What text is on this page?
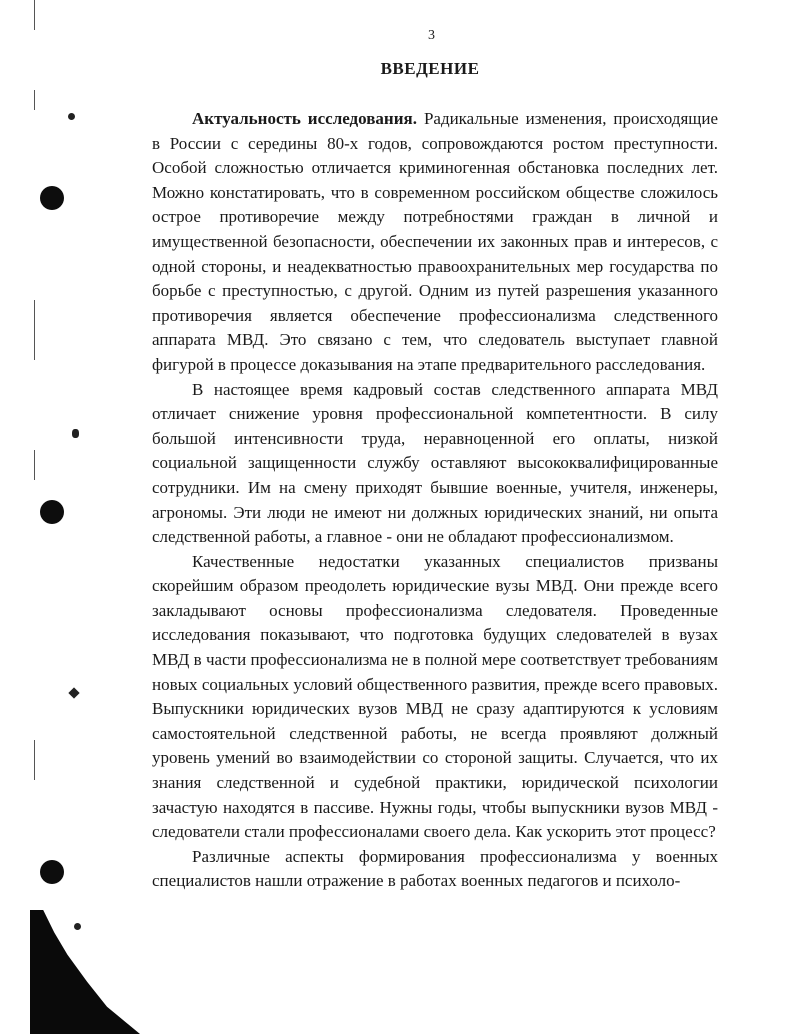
3
ВВЕДЕНИЕ

Актуальность исследования. Радикальные изменения, происходящие в России с середины 80-х годов, сопровождаются ростом преступности. Особой сложностью отличается криминогенная обстановка последних лет. Можно констатировать, что в современном российском обществе сложилось острое противоречие между потребностями граждан в личной и имущественной безопасности, обеспечении их законных прав и интересов, с одной стороны, и неадекватностью правоохранительных мер государства по борьбе с преступностью, с другой. Одним из путей разрешения указанного противоречия является обеспечение профессионализма следственного аппарата МВД. Это связано с тем, что следователь выступает главной фигурой в процессе доказывания на этапе предварительного расследования.

В настоящее время кадровый состав следственного аппарата МВД отличает снижение уровня профессиональной компетентности. В силу большой интенсивности труда, неравноценной его оплаты, низкой социальной защищенности службу оставляют высококвалифицированные сотрудники. Им на смену приходят бывшие военные, учителя, инженеры, агрономы. Эти люди не имеют ни должных юридических знаний, ни опыта следственной работы, а главное - они не обладают профессионализмом.

Качественные недостатки указанных специалистов призваны скорейшим образом преодолеть юридические вузы МВД. Они прежде всего закладывают основы профессионализма следователя. Проведенные исследования показывают, что подготовка будущих следователей в вузах МВД в части профессионализма не в полной мере соответствует требованиям новых социальных условий общественного развития, прежде всего правовых. Выпускники юридических вузов МВД не сразу адаптируются к условиям самостоятельной следственной работы, не всегда проявляют должный уровень умений во взаимодействии со стороной защиты. Случается, что их знания следственной и судебной практики, юридической психологии зачастую находятся в пассиве. Нужны годы, чтобы выпускники вузов МВД - следователи стали профессионалами своего дела. Как ускорить этот процесс?

Различные аспекты формирования профессионализма у военных специалистов нашли отражение в работах военных педагогов и психоло-
